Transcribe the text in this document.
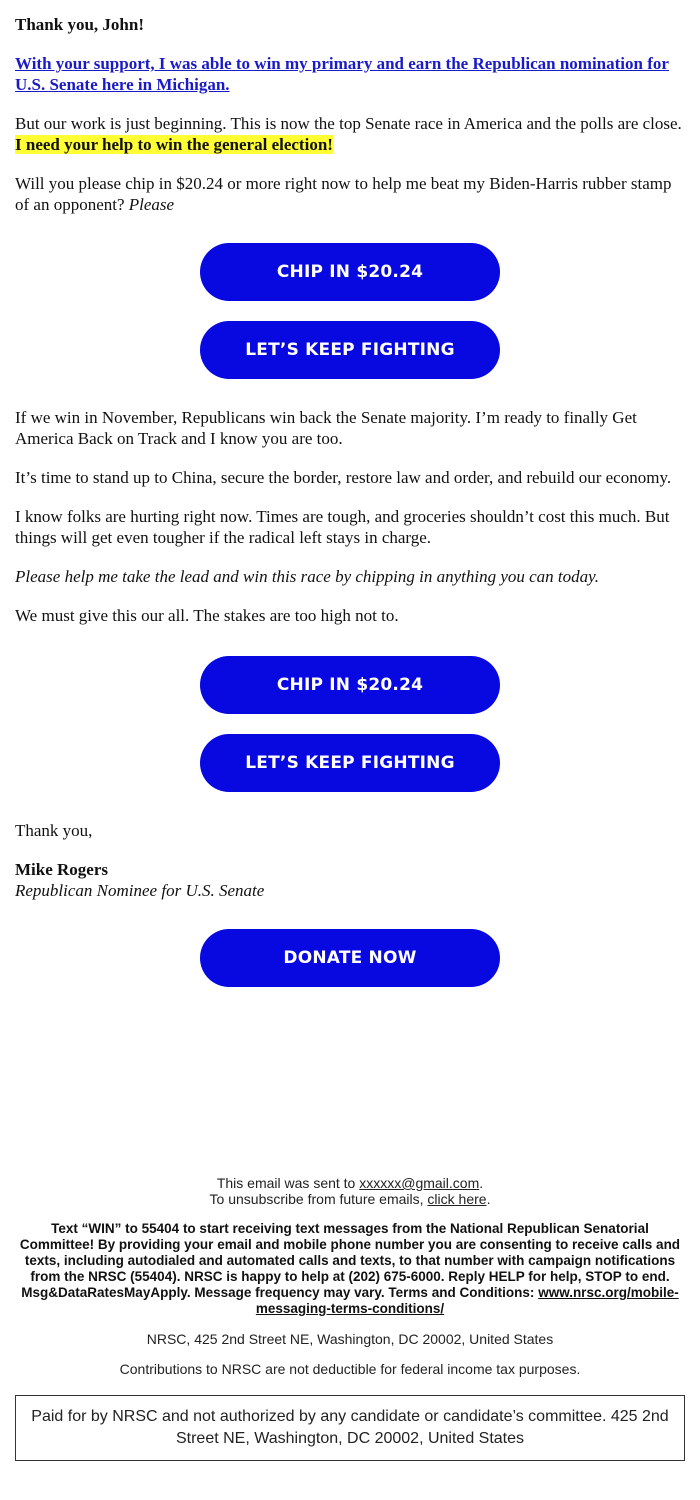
Thank you, John!

With your support, I was able to win my primary and earn the Republican nomination for U.S. Senate here in Michigan.

But our work is just beginning. This is now the top Senate race in America and the polls are close. I need your help to win the general election!

Will you please chip in $20.24 or more right now to help me beat my Biden-Harris rubber stamp of an opponent? Please

CHIP IN $20.24
LET’S KEEP FIGHTING

If we win in November, Republicans win back the Senate majority. I’m ready to finally Get America Back on Track and I know you are too.

It’s time to stand up to China, secure the border, restore law and order, and rebuild our economy.

I know folks are hurting right now. Times are tough, and groceries shouldn’t cost this much. But things will get even tougher if the radical left stays in charge.

Please help me take the lead and win this race by chipping in anything you can today.

We must give this our all. The stakes are too high not to.

CHIP IN $20.24
LET’S KEEP FIGHTING

Thank you,

Mike Rogers
Republican Nominee for U.S. Senate

DONATE NOW

This email was sent to xxxxxx@gmail.com.
To unsubscribe from future emails, click here.

Text “WIN” to 55404 to start receiving text messages from the National Republican Senatorial Committee! By providing your email and mobile phone number you are consenting to receive calls and texts, including autodialed and automated calls and texts, to that number with campaign notifications from the NRSC (55404). NRSC is happy to help at (202) 675-6000. Reply HELP for help, STOP to end. Msg&DataRatesMayApply. Message frequency may vary. Terms and Conditions: www.nrsc.org/mobile-messaging-terms-conditions/

NRSC, 425 2nd Street NE, Washington, DC 20002, United States

Contributions to NRSC are not deductible for federal income tax purposes.

Paid for by NRSC and not authorized by any candidate or candidate’s committee. 425 2nd Street NE, Washington, DC 20002, United States
